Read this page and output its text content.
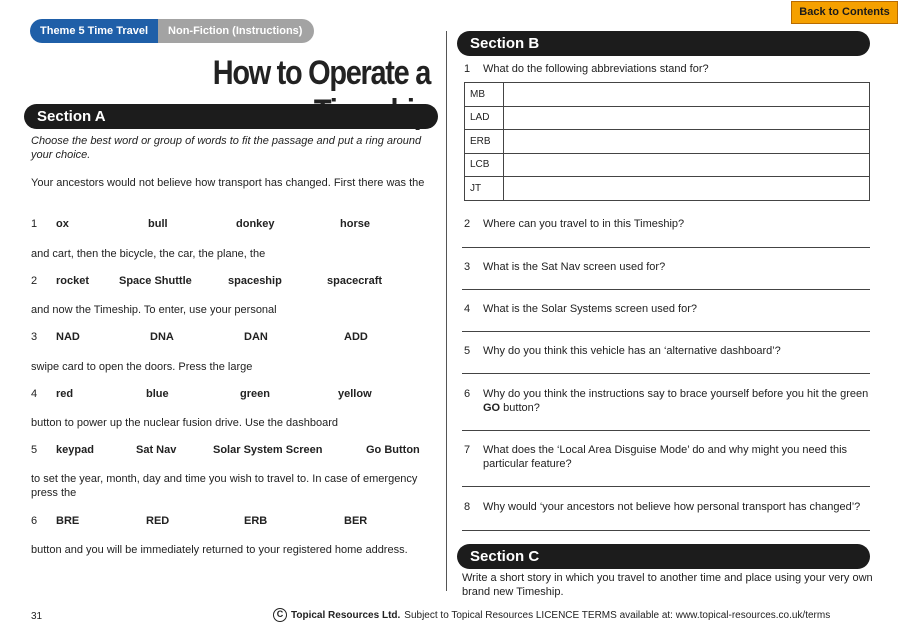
Theme 5 Time Travel	Non-Fiction (Instructions)
Back to Contents
How to Operate a
Section A
Choose the best word or group of words to fit the passage and put a ring around your choice.
Your ancestors would not believe how transport has changed. First there was the
1 ox	bull	donkey	horse
and cart, then the bicycle, the car, the plane, the
2 rocket	Space Shuttle	spaceship	spacecraft
and now the Timeship. To enter, use your personal
3 NAD	DNA	DAN	ADD
swipe card to open the doors. Press the large
4 red	blue	green	yellow
button to power up the nuclear fusion drive. Use the dashboard
5 keypad	Sat Nav	Solar System Screen	Go Button
to set the year, month, day and time you wish to travel to. In case of emergency press the
6 BRE	RED	ERB	BER
button and you will be immediately returned to your registered home address.
Section B
1	What do the following abbreviations stand for?
MB	
LAD	
ERB	
LCB	
JT	
2	Where can you travel to in this Timeship?
3	What is the Sat Nav screen used for?
4	What is the Solar Systems screen used for?
5	Why do you think this vehicle has an ‘alternative dashboard’?
6	Why do you think the instructions say to brace yourself before you hit the green GO button?
7	What does the ‘Local Area Disguise Mode’ do and why might you need this particular feature?
8	Why would ‘your ancestors not believe how personal transport has changed’?
Section C
Write a short story in which you travel to another time and place using your very own brand new Timeship.
31	C Topical Resources Ltd. Subject to Topical Resources LICENCE TERMS available at: www.topical-resources.co.uk/terms
